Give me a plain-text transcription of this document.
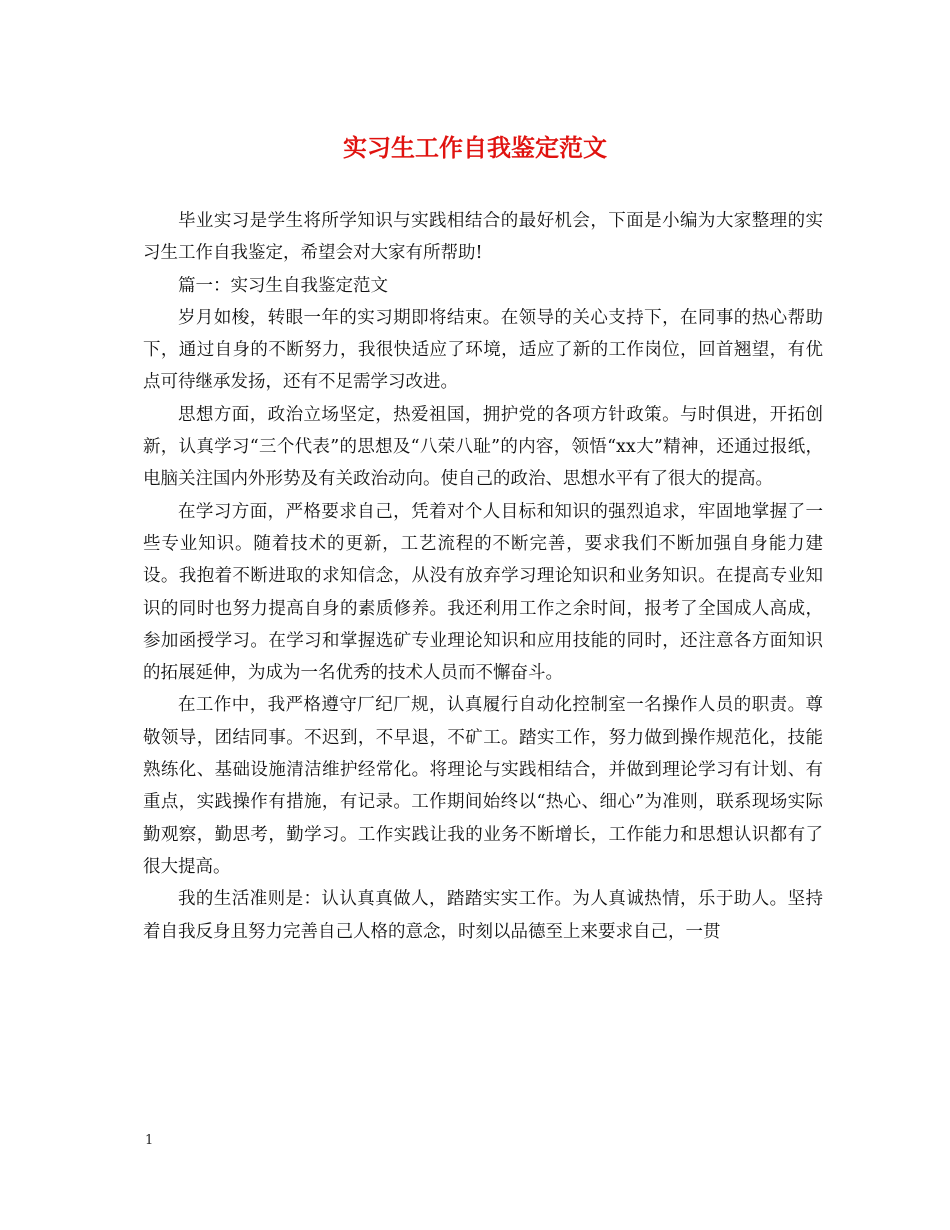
实习生工作自我鉴定范文

毕业实习是学生将所学知识与实践相结合的最好机会，下面是小编为大家整理的实习生工作自我鉴定，希望会对大家有所帮助!

篇一：实习生自我鉴定范文

岁月如梭，转眼一年的实习期即将结束。在领导的关心支持下，在同事的热心帮助下，通过自身的不断努力，我很快适应了环境，适应了新的工作岗位，回首翘望，有优点可待继承发扬，还有不足需学习改进。

思想方面，政治立场坚定，热爱祖国，拥护党的各项方针政策。与时俱进，开拓创新，认真学习“三个代表”的思想及“八荣八耻”的内容，领悟“xx大”精神，还通过报纸，电脑关注国内外形势及有关政治动向。使自己的政治、思想水平有了很大的提高。

在学习方面，严格要求自己，凭着对个人目标和知识的强烈追求，牢固地掌握了一些专业知识。随着技术的更新，工艺流程的不断完善，要求我们不断加强自身能力建设。我抱着不断进取的求知信念，从没有放弃学习理论知识和业务知识。在提高专业知识的同时也努力提高自身的素质修养。我还利用工作之余时间，报考了全国成人高成，参加函授学习。在学习和掌握选矿专业理论知识和应用技能的同时，还注意各方面知识的拓展延伸，为成为一名优秀的技术人员而不懈奋斗。

在工作中，我严格遵守厂纪厂规，认真履行自动化控制室一名操作人员的职责。尊敬领导，团结同事。不迟到，不早退，不矿工。踏实工作，努力做到操作规范化，技能熟练化、基础设施清洁维护经常化。将理论与实践相结合，并做到理论学习有计划、有重点，实践操作有措施，有记录。工作期间始终以“热心、细心”为准则，联系现场实际勤观察，勤思考，勤学习。工作实践让我的业务不断增长，工作能力和思想认识都有了很大提高。

我的生活准则是：认认真真做人，踏踏实实工作。为人真诚热情，乐于助人。坚持着自我反身且努力完善自己人格的意念，时刻以品德至上来要求自己，一贯

1
